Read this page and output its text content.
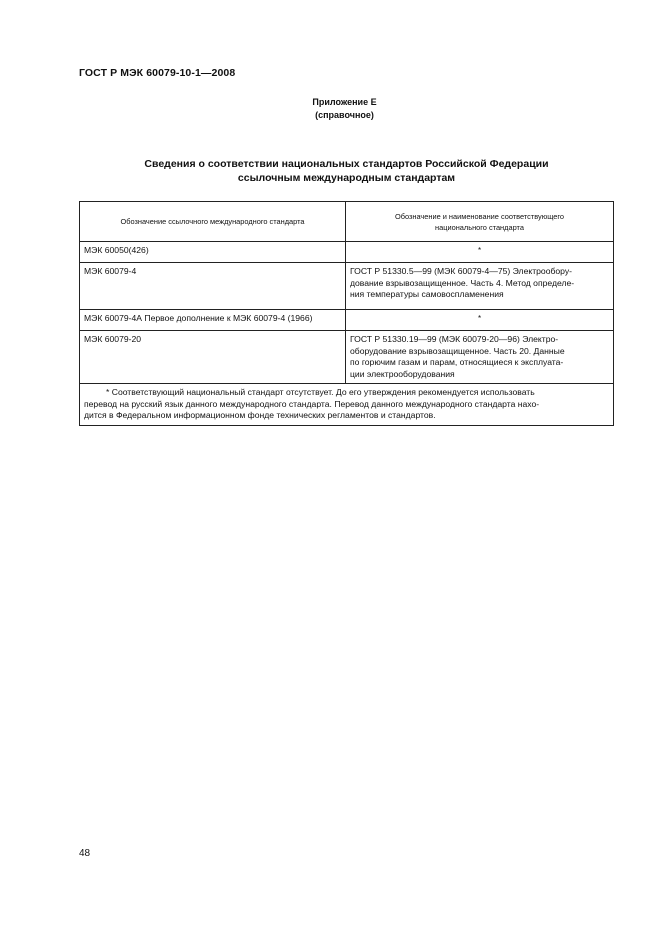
ГОСТ Р МЭК 60079-10-1—2008
Приложение Е
(справочное)
Сведения о соответствии национальных стандартов Российской Федерации
ссылочным международным стандартам
Обозначение ссылочного международного стандарта	Обозначение и наименование соответствующего
национального стандарта

МЭК 60050(426)	*
МЭК 60079-4	ГОСТ Р 51330.5—99 (МЭК 60079-4—75) Электрообору-
дование взрывозащищенное. Часть 4. Метод определе-
ния температуры самовоспламенения

МЭК 60079-4А Первое дополнение к МЭК 60079-4 (1966)	*
МЭК 60079-20	ГОСТ Р 51330.19—99 (МЭК 60079-20—96) Электро-
оборудование взрывозащищенное. Часть 20. Данные
по горючим газам и парам, относящиеся к эксплуата-
ции электрооборудования

* Соответствующий национальный стандарт отсутствует. До его утверждения рекомендуется использовать
перевод на русский язык данного международного стандарта. Перевод данного международного стандарта нахо-
дится в Федеральном информационном фонде технических регламентов и стандартов.	
48
